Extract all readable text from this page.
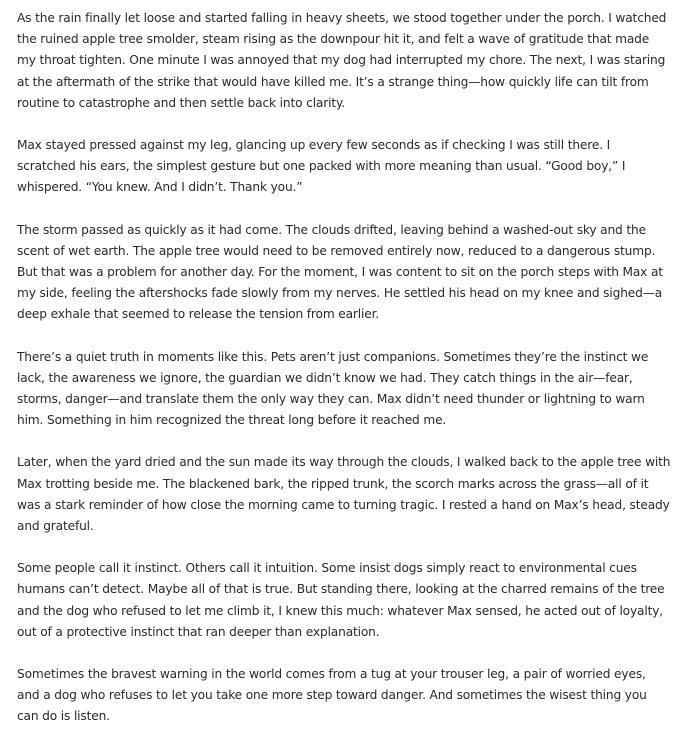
As the rain finally let loose and started falling in heavy sheets, we stood together under the porch. I watched the ruined apple tree smolder, steam rising as the downpour hit it, and felt a wave of gratitude that made my throat tighten. One minute I was annoyed that my dog had interrupted my chore. The next, I was staring at the aftermath of the strike that would have killed me. It’s a strange thing—how quickly life can tilt from routine to catastrophe and then settle back into clarity.

Max stayed pressed against my leg, glancing up every few seconds as if checking I was still there. I scratched his ears, the simplest gesture but one packed with more meaning than usual. “Good boy,” I whispered. “You knew. And I didn’t. Thank you.”

The storm passed as quickly as it had come. The clouds drifted, leaving behind a washed-out sky and the scent of wet earth. The apple tree would need to be removed entirely now, reduced to a dangerous stump. But that was a problem for another day. For the moment, I was content to sit on the porch steps with Max at my side, feeling the aftershocks fade slowly from my nerves. He settled his head on my knee and sighed—a deep exhale that seemed to release the tension from earlier.

There’s a quiet truth in moments like this. Pets aren’t just companions. Sometimes they’re the instinct we lack, the awareness we ignore, the guardian we didn’t know we had. They catch things in the air—fear, storms, danger—and translate them the only way they can. Max didn’t need thunder or lightning to warn him. Something in him recognized the threat long before it reached me.

Later, when the yard dried and the sun made its way through the clouds, I walked back to the apple tree with Max trotting beside me. The blackened bark, the ripped trunk, the scorch marks across the grass—all of it was a stark reminder of how close the morning came to turning tragic. I rested a hand on Max’s head, steady and grateful.

Some people call it instinct. Others call it intuition. Some insist dogs simply react to environmental cues humans can’t detect. Maybe all of that is true. But standing there, looking at the charred remains of the tree and the dog who refused to let me climb it, I knew this much: whatever Max sensed, he acted out of loyalty, out of a protective instinct that ran deeper than explanation.

Sometimes the bravest warning in the world comes from a tug at your trouser leg, a pair of worried eyes, and a dog who refuses to let you take one more step toward danger. And sometimes the wisest thing you can do is listen.
